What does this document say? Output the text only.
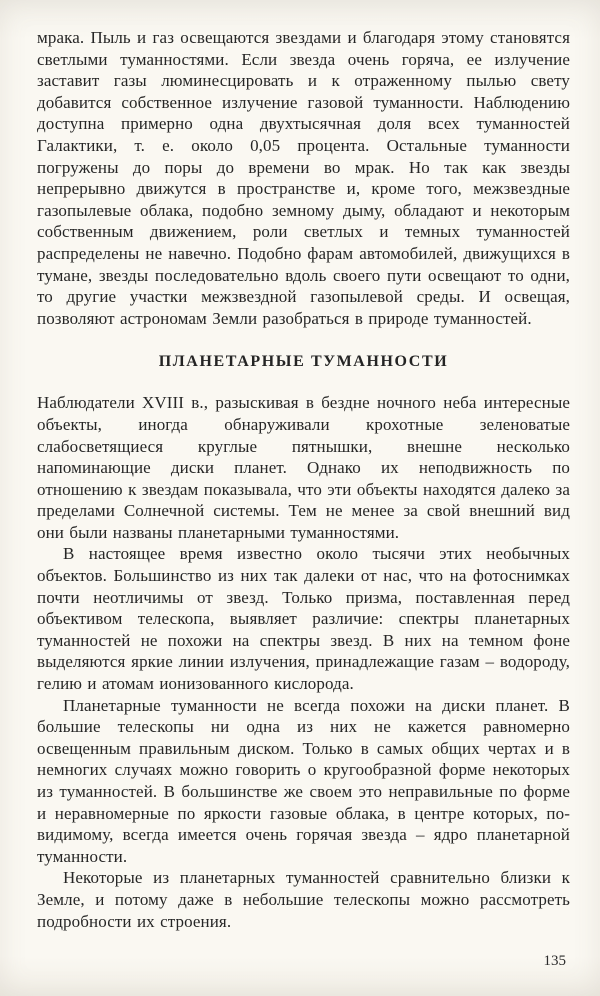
мрака. Пыль и газ освещаются звездами и благодаря этому становятся светлыми туманностями. Если звезда очень горяча, ее излучение заставит газы люминесцировать и к отраженному пылью свету добавится собственное излучение газовой туманности. Наблюдению доступна примерно одна двухтысячная доля всех туманностей Галактики, т. е. около 0,05 процента. Остальные туманности погружены до поры до времени во мрак. Но так как звезды непрерывно движутся в пространстве и, кроме того, межзвездные газопылевые облака, подобно земному дыму, обладают и некоторым собственным движением, роли светлых и темных туманностей распределены не навечно. Подобно фарам автомобилей, движущихся в тумане, звезды последовательно вдоль своего пути освещают то одни, то другие участки межзвездной газопылевой среды. И освещая, позволяют астрономам Земли разобраться в природе туманностей.

ПЛАНЕТАРНЫЕ ТУМАННОСТИ

Наблюдатели XVIII в., разыскивая в бездне ночного неба интересные объекты, иногда обнаруживали крохотные зеленоватые слабосветящиеся круглые пятнышки, внешне несколько напоминающие диски планет. Однако их неподвижность по отношению к звездам показывала, что эти объекты находятся далеко за пределами Солнечной системы. Тем не менее за свой внешний вид они были названы планетарными туманностями.

В настоящее время известно около тысячи этих необычных объектов. Большинство из них так далеки от нас, что на фотоснимках почти неотличимы от звезд. Только призма, поставленная перед объективом телескопа, выявляет различие: спектры планетарных туманностей не похожи на спектры звезд. В них на темном фоне выделяются яркие линии излучения, принадлежащие газам – водороду, гелию и атомам ионизованного кислорода.

Планетарные туманности не всегда похожи на диски планет. В большие телескопы ни одна из них не кажется равномерно освещенным правильным диском. Только в самых общих чертах и в немногих случаях можно говорить о кругообразной форме некоторых из туманностей. В большинстве же своем это неправильные по форме и неравномерные по яркости газовые облака, в центре которых, по-видимому, всегда имеется очень горячая звезда – ядро планетарной туманности.

Некоторые из планетарных туманностей сравнительно близки к Земле, и потому даже в небольшие телескопы можно рассмотреть подробности их строения.

135
